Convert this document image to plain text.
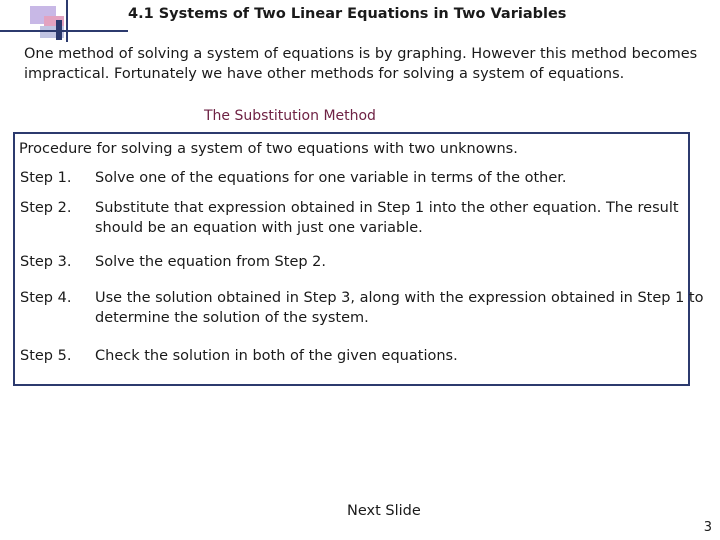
4.1 Systems of Two Linear Equations in Two Variables

One method of solving a system of equations is by graphing. However this method becomes

impractical. Fortunately we have other methods for solving a system of equations.

The Substitution Method
Procedure for solving a system of two equations with two unknowns.
Step 1. Solve one of the equations for one variable in terms of the other.

Step 2. Substitute that expression obtained in Step 1 into the other equation. The result

should be an equation with just one variable.

Step 3. Solve the equation from Step 2.

Step 4. Use the solution obtained in Step 3, along with the expression obtained in Step 1 to

determine the solution of the system.

Step 5. Check the solution in both of the given equations.

Next Slide
3
